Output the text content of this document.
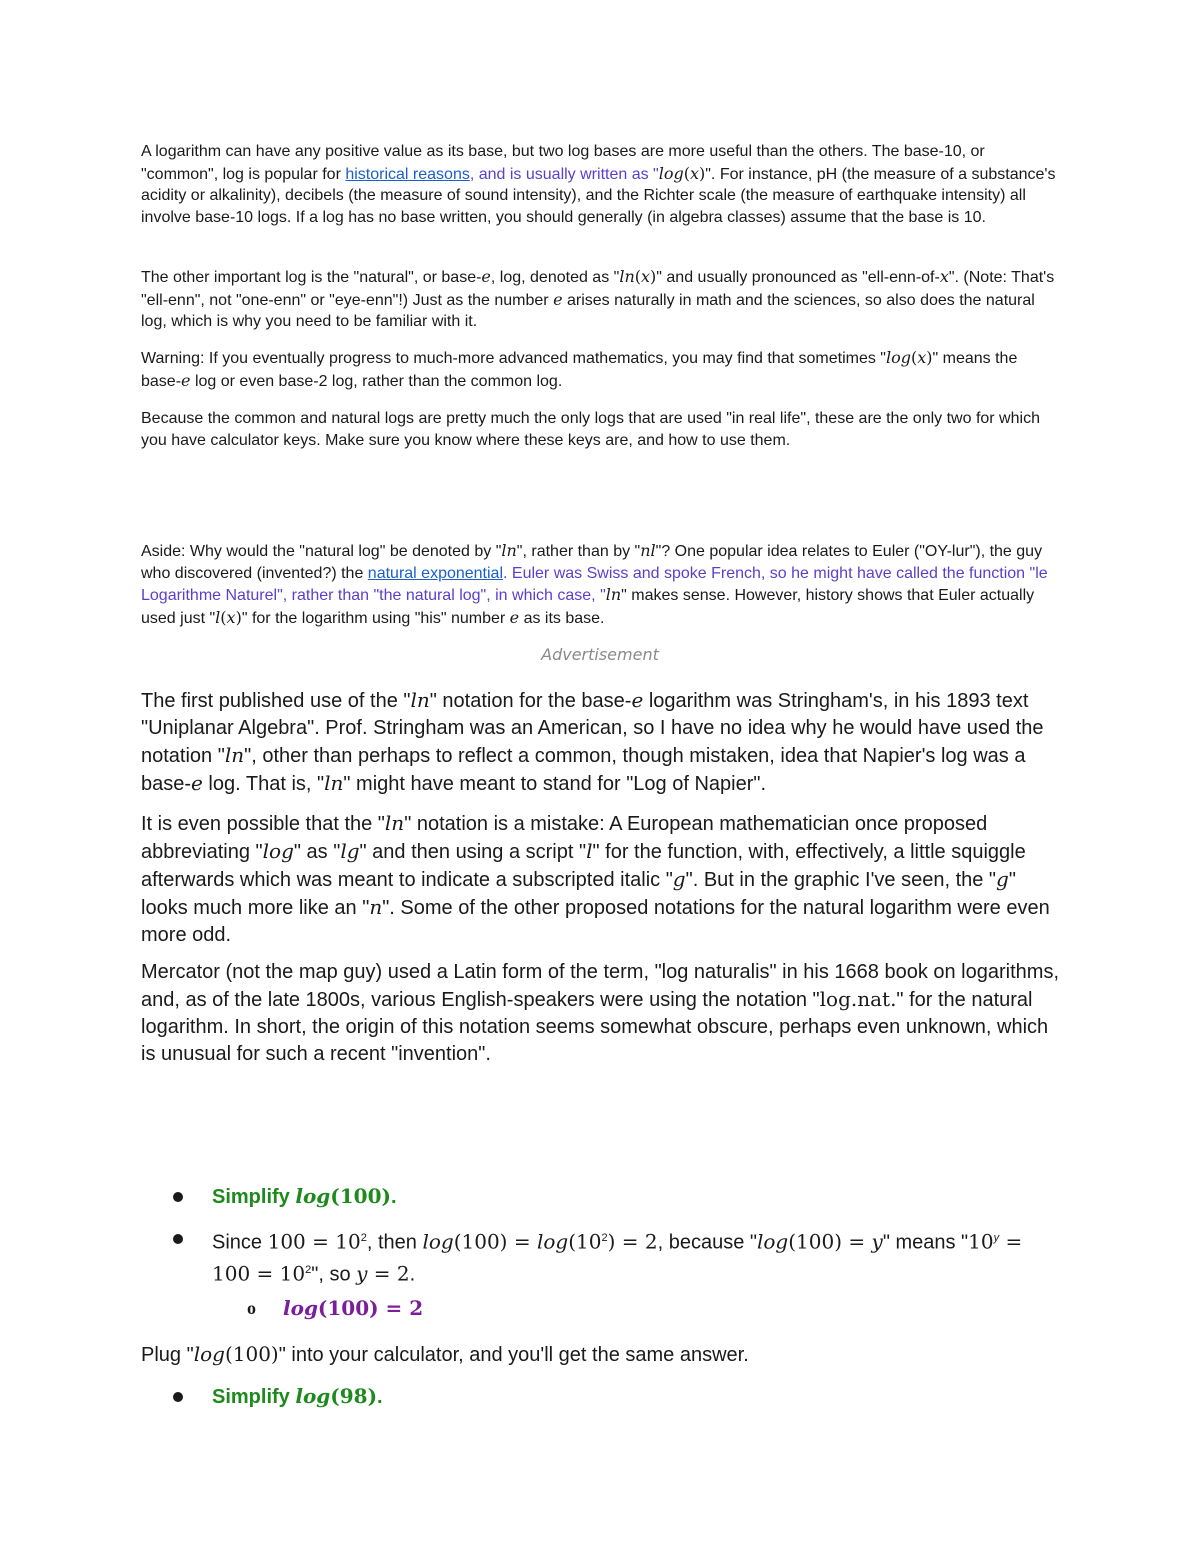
A logarithm can have any positive value as its base, but two log bases are more useful than the others. The base-10, or "common", log is popular for historical reasons, and is usually written as "log(x)". For instance, pH (the measure of a substance's acidity or alkalinity), decibels (the measure of sound intensity), and the Richter scale (the measure of earthquake intensity) all involve base-10 logs. If a log has no base written, you should generally (in algebra classes) assume that the base is 10.

The other important log is the "natural", or base-e, log, denoted as "ln(x)" and usually pronounced as "ell-enn-of-x". (Note: That's "ell-enn", not "one-enn" or "eye-enn"!) Just as the number e arises naturally in math and the sciences, so also does the natural log, which is why you need to be familiar with it.

Warning: If you eventually progress to much-more advanced mathematics, you may find that sometimes "log(x)" means the base-e log or even base-2 log, rather than the common log.

Because the common and natural logs are pretty much the only logs that are used "in real life", these are the only two for which you have calculator keys. Make sure you know where these keys are, and how to use them.

Aside: Why would the "natural log" be denoted by "ln", rather than by "nl"? One popular idea relates to Euler ("OY-lur"), the guy who discovered (invented?) the natural exponential. Euler was Swiss and spoke French, so he might have called the function "le Logarithme Naturel", rather than "the natural log", in which case, "ln" makes sense. However, history shows that Euler actually used just "l(x)" for the logarithm using "his" number e as its base.

Advertisement

The first published use of the "ln" notation for the base-e logarithm was Stringham's, in his 1893 text "Uniplanar Algebra". Prof. Stringham was an American, so I have no idea why he would have used the notation "ln", other than perhaps to reflect a common, though mistaken, idea that Napier's log was a base-e log. That is, "ln" might have meant to stand for "Log of Napier".

It is even possible that the "ln" notation is a mistake: A European mathematician once proposed abbreviating "log" as "lg" and then using a script "l" for the function, with, effectively, a little squiggle afterwards which was meant to indicate a subscripted italic "g". But in the graphic I've seen, the "g" looks much more like an "n". Some of the other proposed notations for the natural logarithm were even more odd.

Mercator (not the map guy) used a Latin form of the term, "log naturalis" in his 1668 book on logarithms, and, as of the late 1800s, various English-speakers were using the notation "log.nat." for the natural logarithm. In short, the origin of this notation seems somewhat obscure, perhaps even unknown, which is unusual for such a recent "invention".

Simplify log(100).

Since $100 = 10^2$, then $\log(100) = \log(10^2) = 2$, because "log(100) = y" means "$10^y = 100 = 10^2$", so y = 2.

o log(100) = 2

Plug "log(100)" into your calculator, and you'll get the same answer.

Simplify log(98).
